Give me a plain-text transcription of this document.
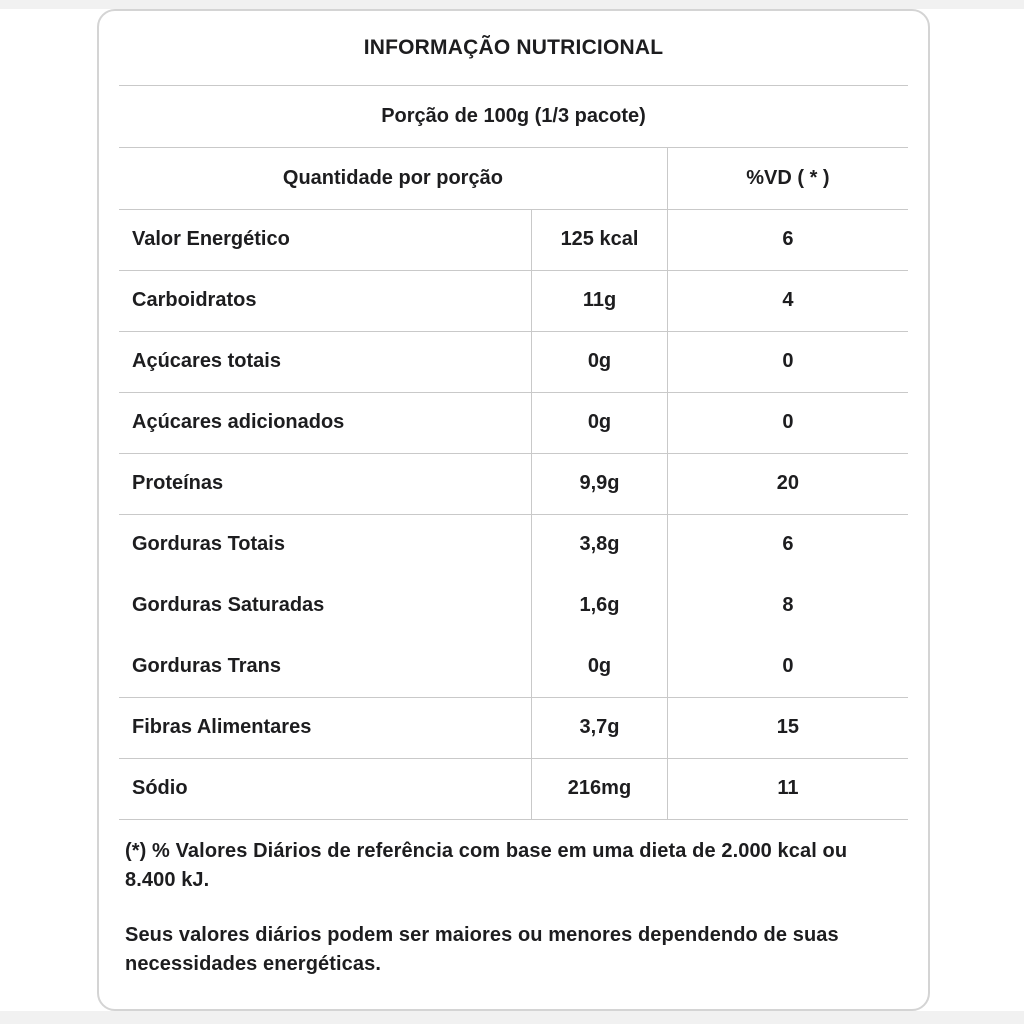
INFORMAÇÃO NUTRICIONAL		
Porção de 100g (1/3 pacote)		
Quantidade por porção		%VD ( * )
Valor Energético	125 kcal	6
Carboidratos	11g	4
Açúcares totais	0g	0
Açúcares adicionados	0g	0
Proteínas	9,9g	20
Gorduras Totais	3,8g	6
Gorduras Saturadas	1,6g	8
Gorduras Trans	0g	0
Fibras Alimentares	3,7g	15
Sódio	216mg	11

(*) % Valores Diários de referência com base em uma dieta de 2.000 kcal ou 8.400 kJ.

Seus valores diários podem ser maiores ou menores dependendo de suas necessidades energéticas.		
